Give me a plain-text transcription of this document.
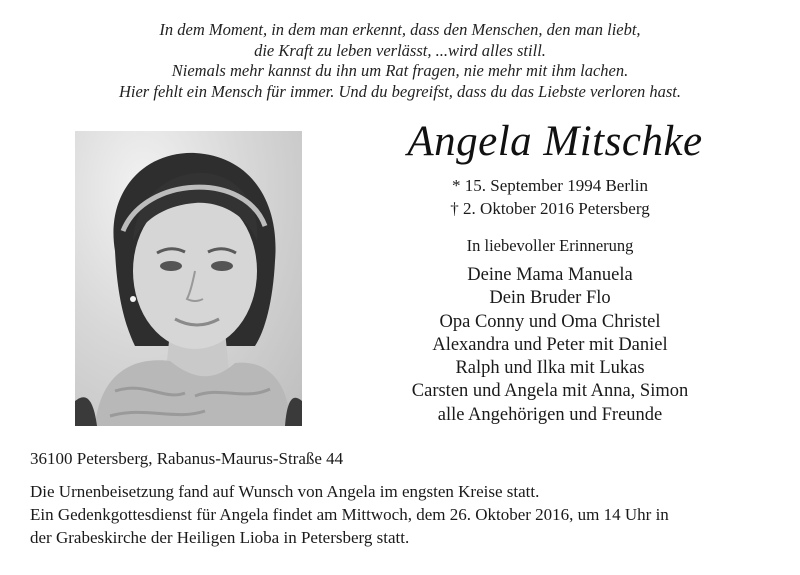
In dem Moment, in dem man erkennt, dass den Menschen, den man liebt,
die Kraft zu leben verlässt, ...wird alles still.
Niemals mehr kannst du ihn um Rat fragen, nie mehr mit ihm lachen.
Hier fehlt ein Mensch für immer. Und du begreifst, dass du das Liebste verloren hast.
Angela Mitschke
* 15. September 1994 Berlin
† 2. Oktober 2016 Petersberg
In liebevoller Erinnerung
Deine Mama Manuela
Dein Bruder Flo
Opa Conny und Oma Christel
Alexandra und Peter mit Daniel
Ralph und Ilka mit Lukas
Carsten und Angela mit Anna, Simon
alle Angehörigen und Freunde
36100 Petersberg, Rabanus-Maurus-Straße 44
Die Urnenbeisetzung fand auf Wunsch von Angela im engsten Kreise statt.
Ein Gedenkgottesdienst für Angela findet am Mittwoch, dem 26. Oktober 2016, um 14 Uhr in
der Grabeskirche der Heiligen Lioba in Petersberg statt.
